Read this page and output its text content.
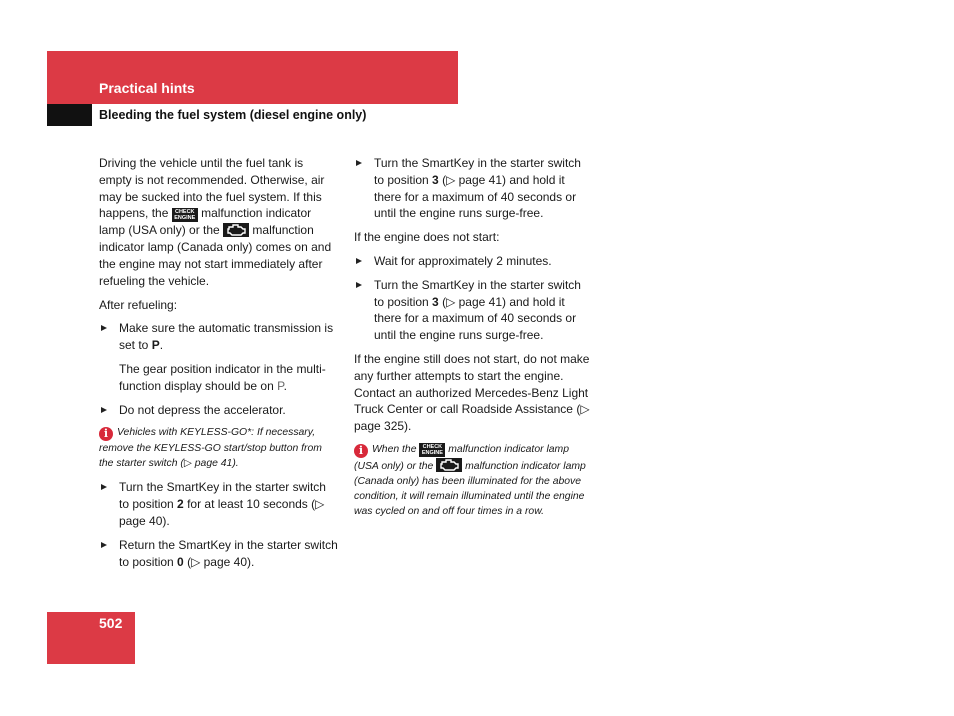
Practical hints
Bleeding the fuel system (diesel engine only)

Driving the vehicle until the fuel tank is empty is not recommended. Otherwise, air may be sucked into the fuel system. If this happens, the CHECK
ENGINE malfunction indicator lamp (USA only) or the	malfunction indicator lamp (Canada only) comes on and the engine may not start immediately after refueling the vehicle.

After refueling:

Make sure the automatic transmission is set to P.
The gear position indicator in the multi-function display should be on P.
Do not depress the accelerator.

i Vehicles with KEYLESS-GO*: If necessary, remove the KEYLESS-GO start/stop button from the starter switch (▷ page 41).

Turn the SmartKey in the starter switch to position 2 for at least 10 seconds (▷ page 40).
Return the SmartKey in the starter switch to position 0 (▷ page 40).
Turn the SmartKey in the starter switch to position 3 (▷ page 41) and hold it there for a maximum of 40 seconds or until the engine runs surge-free.

If the engine does not start:

Wait for approximately 2 minutes.
Turn the SmartKey in the starter switch to position 3 (▷ page 41) and hold it there for a maximum of 40 seconds or until the engine runs surge-free.

If the engine still does not start, do not make any further attempts to start the engine. Contact an authorized Mercedes-Benz Light Truck Center or call Roadside Assistance (▷ page 325).

i When the CHECK
ENGINE malfunction indicator lamp (USA only) or the	malfunction indicator lamp (Canada only) has been illuminated for the above condition, it will remain illuminated until the engine was cycled on and off four times in a row.

502
